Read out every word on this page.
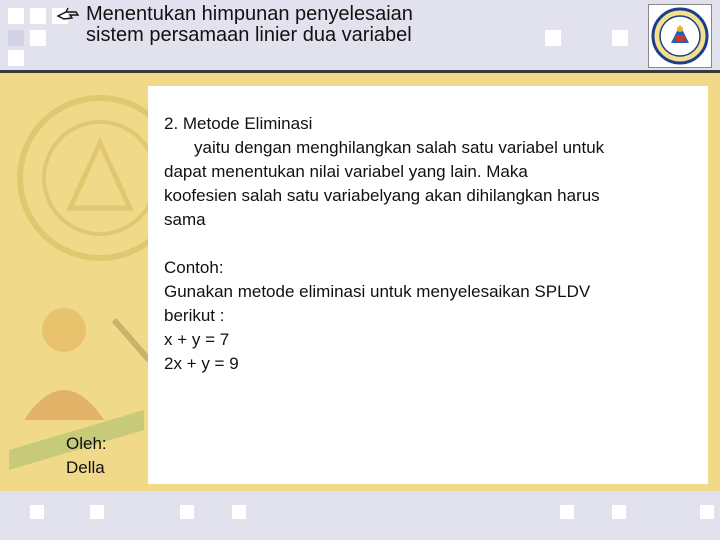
Menentukan himpunan penyelesaian
sistem persamaan linier dua variabel

2. Metode Eliminasi

yaitu dengan menghilangkan salah satu variabel untuk

dapat menentukan nilai variabel yang lain. Maka

koofesien salah satu variabelyang akan dihilangkan harus

sama

Contoh:

Gunakan metode eliminasi untuk menyelesaikan SPLDV

berikut :

x + y = 7

2x + y = 9

Oleh:
Della
